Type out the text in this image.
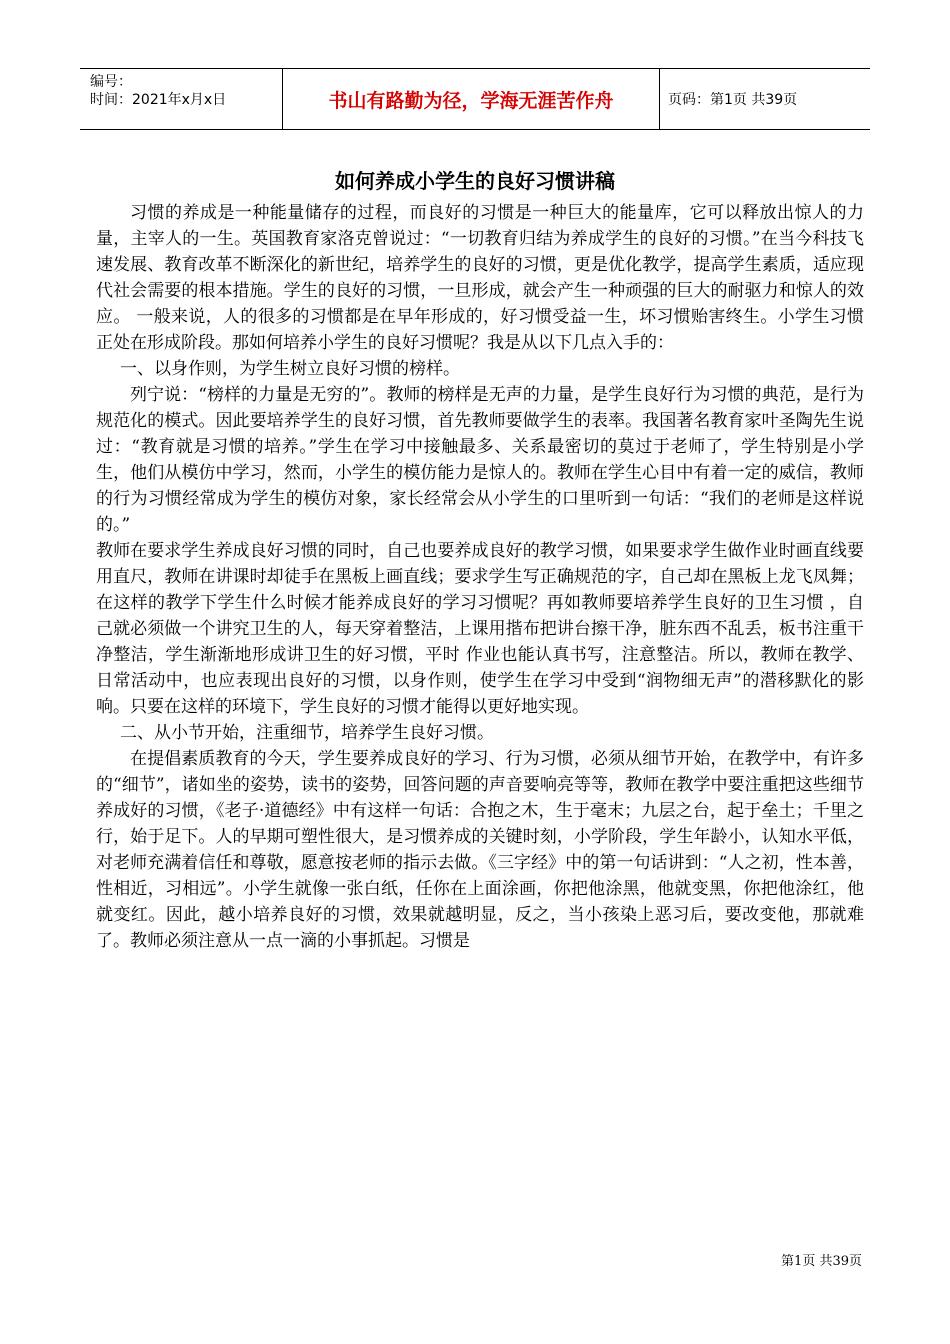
编号：
时间：2021年x月x日	书山有路勤为径，学海无涯苦作舟	页码：第1页 共39页
如何养成小学生的良好习惯讲稿

习惯的养成是一种能量储存的过程，而良好的习惯是一种巨大的能量库，它可以释放出惊人的力量，主宰人的一生。英国教育家洛克曾说过：“一切教育归结为养成学生的良好的习惯。”在当今科技飞速发展、教育改革不断深化的新世纪，培养学生的良好的习惯，更是优化教学，提高学生素质，适应现代社会需要的根本措施。学生的良好的习惯，一旦形成，就会产生一种顽强的巨大的耐驱力和惊人的效应。 一般来说，人的很多的习惯都是在早年形成的，好习惯受益一生，坏习惯贻害终生。小学生习惯正处在形成阶段。那如何培养小学生的良好习惯呢？我是从以下几点入手的：

一、以身作则，为学生树立良好习惯的榜样。

列宁说：“榜样的力量是无穷的”。教师的榜样是无声的力量，是学生良好行为习惯的典范，是行为规范化的模式。因此要培养学生的良好习惯，首先教师要做学生的表率。我国著名教育家叶圣陶先生说过：“教育就是习惯的培养。”学生在学习中接触最多、关系最密切的莫过于老师了，学生特别是小学生，他们从模仿中学习，然而，小学生的模仿能力是惊人的。教师在学生心目中有着一定的威信，教师的行为习惯经常成为学生的模仿对象，家长经常会从小学生的口里听到一句话：“我们的老师是这样说的。”

教师在要求学生养成良好习惯的同时，自己也要养成良好的教学习惯，如果要求学生做作业时画直线要用直尺，教师在讲课时却徒手在黑板上画直线；要求学生写正确规范的字，自己却在黑板上龙飞凤舞；在这样的教学下学生什么时候才能养成良好的学习习惯呢？再如教师要培养学生良好的卫生习惯 ，自己就必须做一个讲究卫生的人，每天穿着整洁，上课用揩布把讲台擦干净，脏东西不乱丢，板书注重干净整洁，学生渐渐地形成讲卫生的好习惯，平时 作业也能认真书写，注意整洁。所以，教师在教学、日常活动中，也应表现出良好的习惯，以身作则，使学生在学习中受到“润物细无声”的潜移默化的影响。只要在这样的环境下，学生良好的习惯才能得以更好地实现。

二、从小节开始，注重细节，培养学生良好习惯。

在提倡素质教育的今天，学生要养成良好的学习、行为习惯，必须从细节开始，在教学中，有许多的“细节”，诸如坐的姿势，读书的姿势，回答问题的声音要响亮等等，教师在教学中要注重把这些细节养成好的习惯，《老子·道德经》中有这样一句话：合抱之木，生于毫末；九层之台，起于垒土；千里之行，始于足下。人的早期可塑性很大，是习惯养成的关键时刻，小学阶段，学生年龄小，认知水平低，对老师充满着信任和尊敬，愿意按老师的指示去做。《三字经》中的第一句话讲到：“人之初，性本善，性相近，习相远”。小学生就像一张白纸，任你在上面涂画，你把他涂黑，他就变黑，你把他涂红，他就变红。因此，越小培养良好的习惯，效果就越明显，反之，当小孩染上恶习后，要改变他，那就难了。教师必须注意从一点一滴的小事抓起。习惯是

第1页 共39页
